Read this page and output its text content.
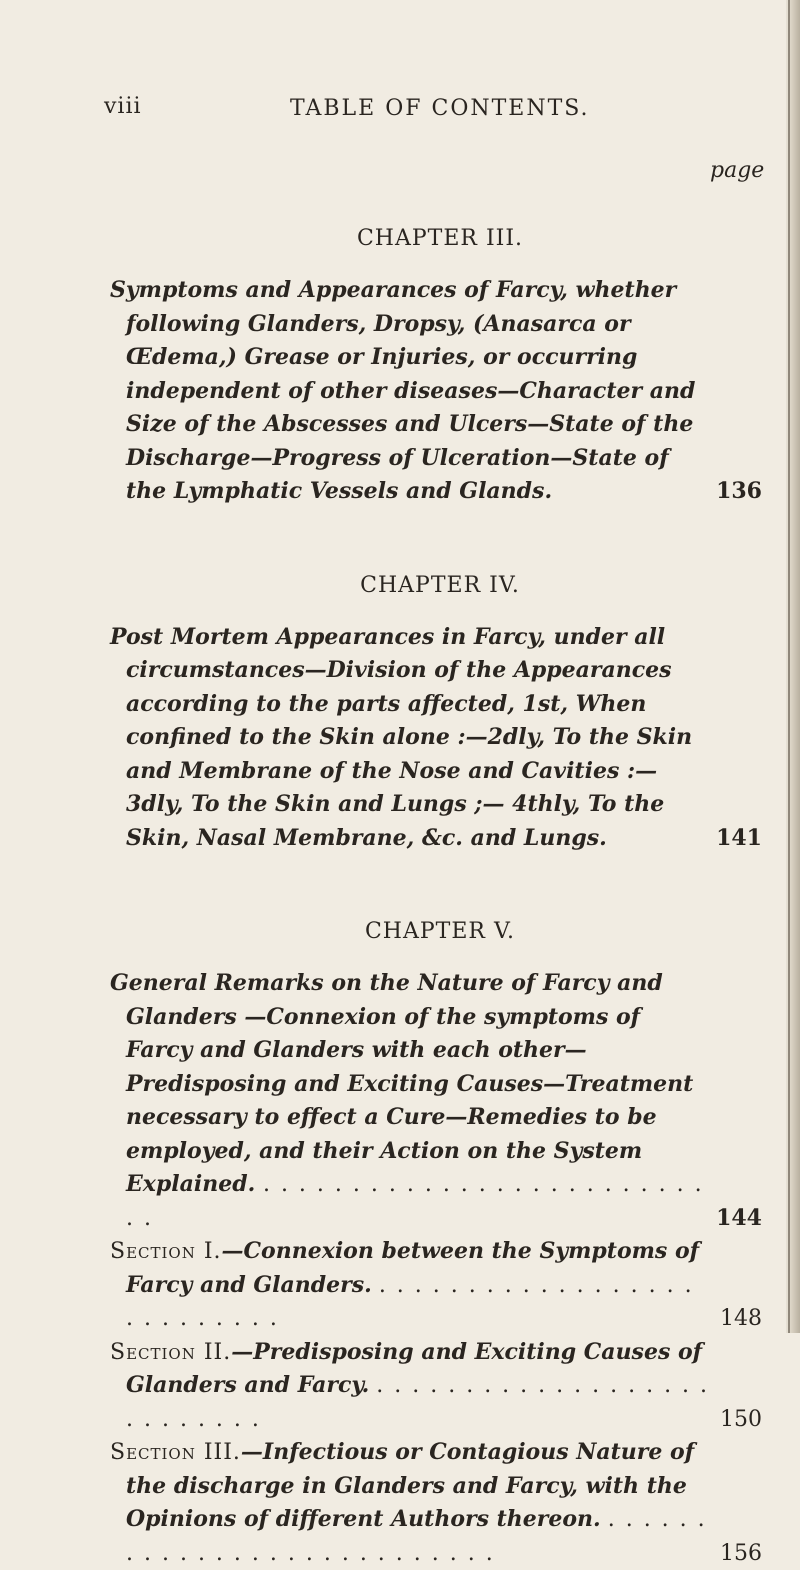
viii	TABLE OF CONTENTS.
page
CHAPTER III.
Symptoms and Appearances of Farcy, whether following Glanders, Dropsy, (Anasarca or Œdema,) Grease or Injuries, or occurring independent of other diseases—Character and Size of the Abscesses and Ulcers—State of the Discharge—Progress of Ulceration—State of the Lymphatic Vessels and Glands.	136
CHAPTER IV.
Post Mortem Appearances in Farcy, under all circumstances—Division of the Appearances according to the parts affected, 1st, When confined to the Skin alone :—2dly, To the Skin and Membrane of the Nose and Cavities :—3dly, To the Skin and Lungs ;— 4thly, To the Skin, Nasal Membrane, &c. and Lungs.	141
CHAPTER V.
General Remarks on the Nature of Farcy and Glanders —Connexion of the symptoms of Farcy and Glanders with each other—Predisposing and Exciting Causes—Treatment necessary to effect a Cure—Remedies to be employed, and their Action on the System Explained. . . . . . . . . . . . . . . . . . . . . . . . . . . .	144
Section I.—Connexion between the Symptoms of Farcy and Glanders. . . . . . . . . . . . . . . . . . . . . . . . . . . .	148
Section II.—Predisposing and Exciting Causes of Glanders and Farcy. . . . . . . . . . . . . . . . . . . . . . . . . . . .	150
Section III.—Infectious or Contagious Nature of the discharge in Glanders and Farcy, with the Opinions of different Authors thereon. . . . . . . . . . . . . . . . . . . . . . . . . . . .	156
